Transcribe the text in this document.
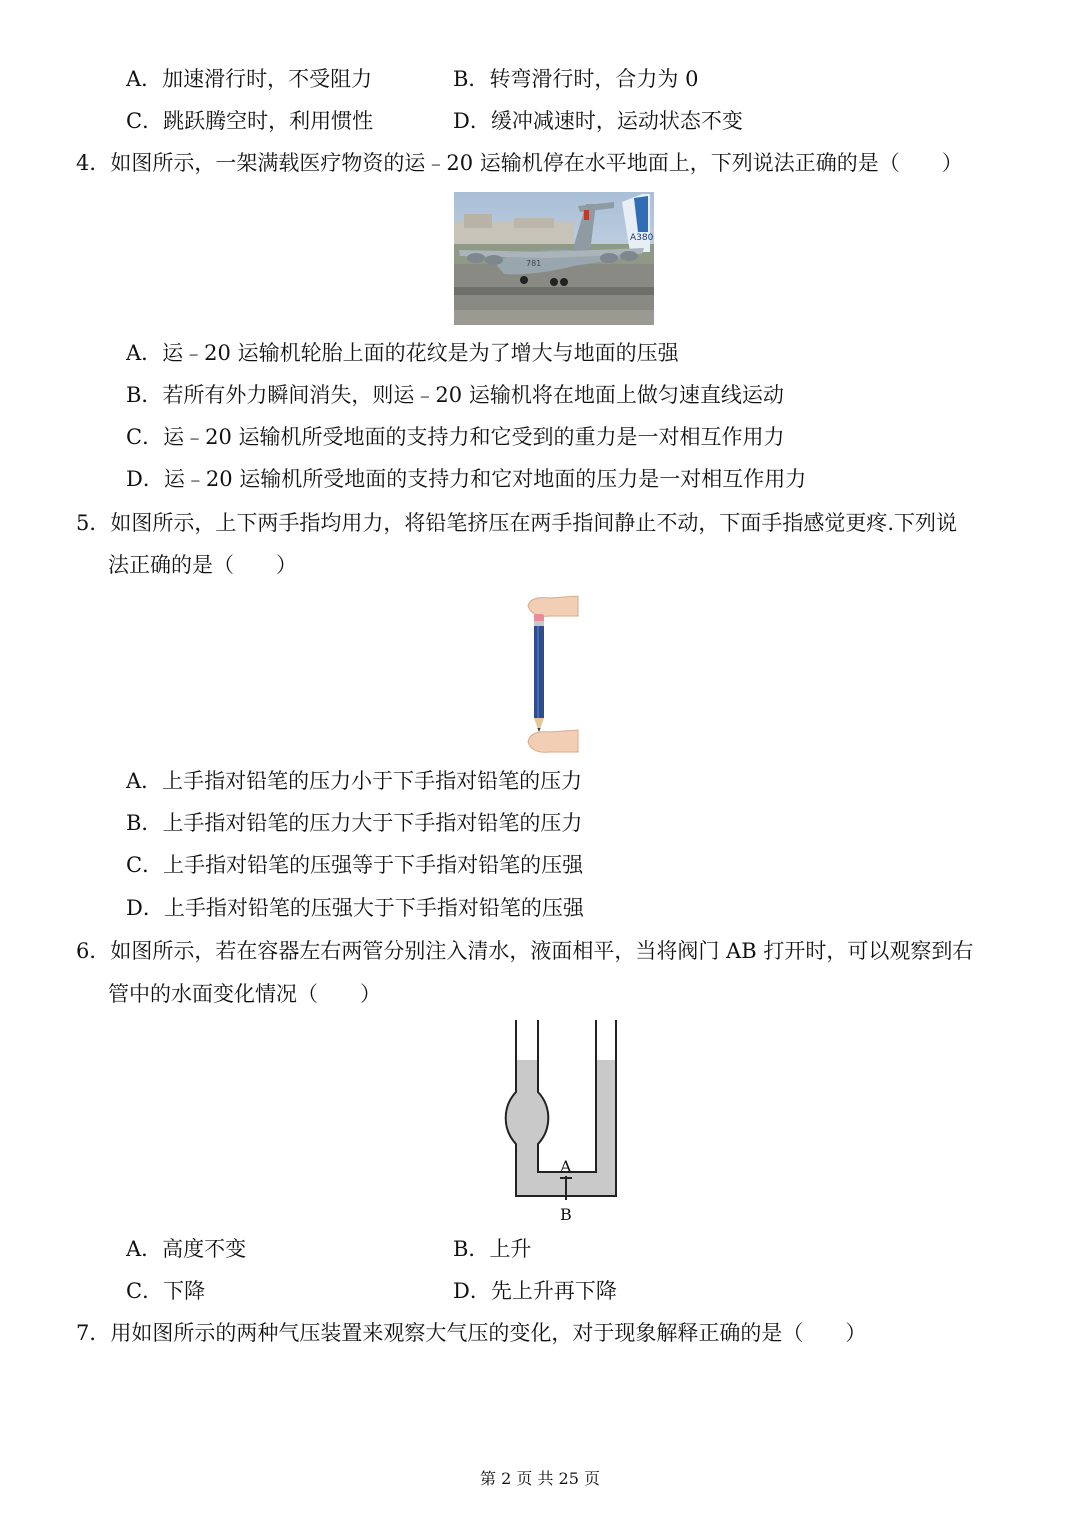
A．加速滑行时，不受阻力	B．转弯滑行时，合力为 0
C．跳跃腾空时，利用惯性	D．缓冲减速时，运动状态不变
4．如图所示，一架满载医疗物资的运﹣20 运输机停在水平地面上，下列说法正确的是（　　）
A380
781
A．运﹣20 运输机轮胎上面的花纹是为了增大与地面的压强
B．若所有外力瞬间消失，则运﹣20 运输机将在地面上做匀速直线运动
C．运﹣20 运输机所受地面的支持力和它受到的重力是一对相互作用力
D．运﹣20 运输机所受地面的支持力和它对地面的压力是一对相互作用力
5．如图所示，上下两手指均用力，将铅笔挤压在两手指间静止不动，下面手指感觉更疼.下列说
法正确的是（　　）
A．上手指对铅笔的压力小于下手指对铅笔的压力
B．上手指对铅笔的压力大于下手指对铅笔的压力
C．上手指对铅笔的压强等于下手指对铅笔的压强
D．上手指对铅笔的压强大于下手指对铅笔的压强
6．如图所示，若在容器左右两管分别注入清水，液面相平，当将阀门 AB 打开时，可以观察到右
管中的水面变化情况（　　）
A
B
A．高度不变	B．上升
C．下降	D．先上升再下降
7．用如图所示的两种气压装置来观察大气压的变化，对于现象解释正确的是（　　）
第 2 页 共 25 页
